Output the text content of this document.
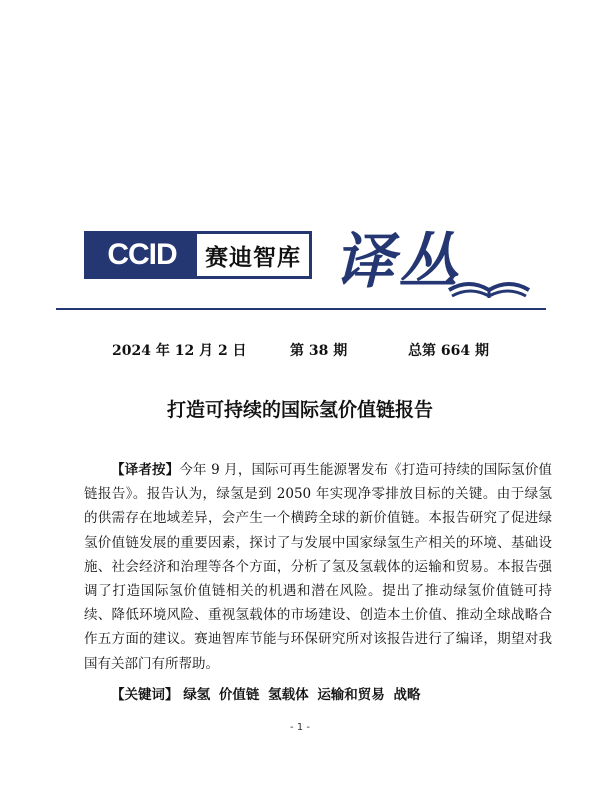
CCID	赛迪智库 译丛
2024 年 12 月 2 日	第 38 期	总第 664 期
打造可持续的国际氢价值链报告

【译者按】今年 9 月，国际可再生能源署发布《打造可持续的国际氢价值链报告》。报告认为，绿氢是到 2050 年实现净零排放目标的关键。由于绿氢的供需存在地域差异，会产生一个横跨全球的新价值链。本报告研究了促进绿氢价值链发展的重要因素，探讨了与发展中国家绿氢生产相关的环境、基础设施、社会经济和治理等各个方面，分析了氢及氢载体的运输和贸易。本报告强调了打造国际氢价值链相关的机遇和潜在风险。提出了推动绿氢价值链可持续、降低环境风险、重视氢载体的市场建设、创造本土价值、推动全球战略合作五方面的建议。赛迪智库节能与环保研究所对该报告进行了编译，期望对我国有关部门有所帮助。

【关键词】 绿氢 价值链 氢载体 运输和贸易 战略
- 1 -
